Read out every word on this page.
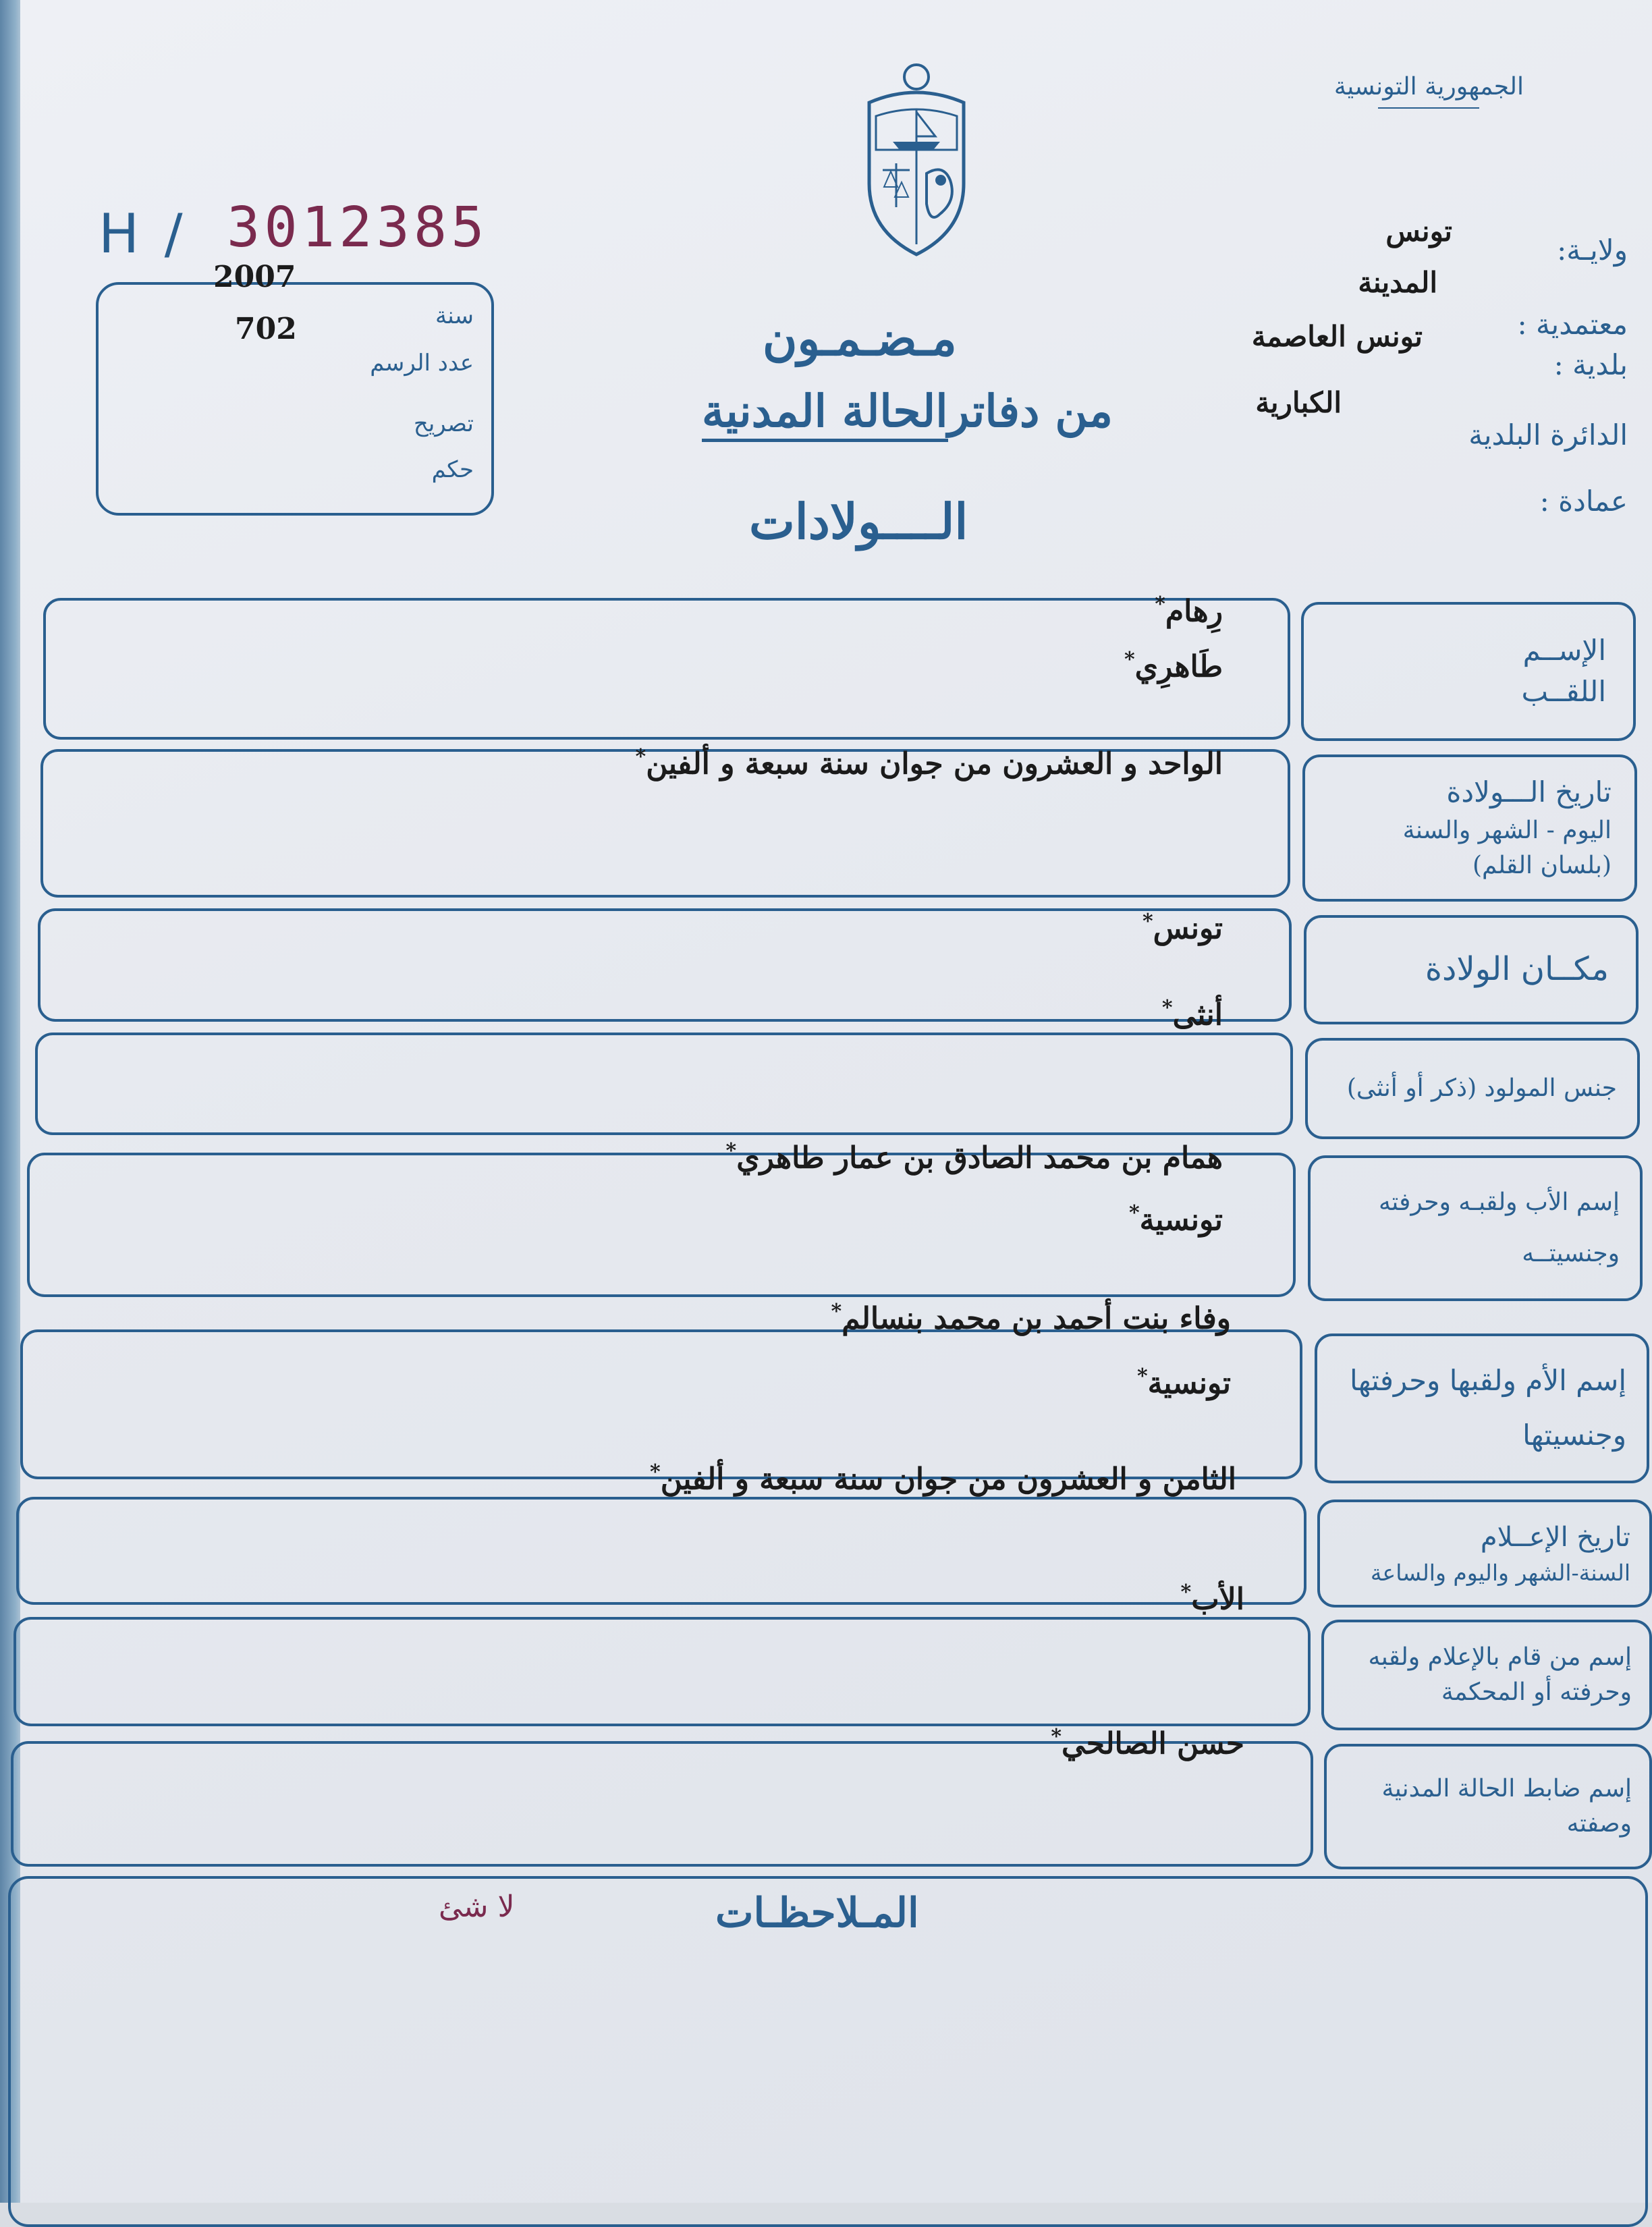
الجمهورية التونسية
H / 3012385
2007
702	سنة
عدد الرسم
تصريح
حكم
ولايـة:
تونس
المدينة
معتمدية :
تونس العاصمة
بلدية :
الكبارية
الدائرة البلدية
عمادة :
مـضـمـون
من دفاترالحالة المدنية
الــــولادات
الإســم
اللقــب
رِهام*
طَاهرِي*
تاريخ الـــولادة
اليوم - الشهر والسنة
(بلسان القلم)
الواحد و العشرون من جوان سنة سبعة و ألفين*
مكــان الولادة
تونس*
جنس المولود (ذكر أو أنثى)
أنثى*
إسم الأب ولقبـه وحرفته
وجنسيتــه
همام بن محمد الصادق بن عمار طاهري*
تونسية*
إسم الأم ولقبها وحرفتها
وجنسيتها
وفاء بنت أحمد بن محمد بنسالم*
تونسية*
تاريخ الإعــلام
السنة-الشهر واليوم والساعة
الثامن و العشرون من جوان سنة سبعة و ألفين*
إسم من قام بالإعلام ولقبه
وحرفته أو المحكمة
الأب*
إسم ضابط الحالة المدنية
وصفته
حسن الصالحي*
المـلاحظـات
لا شئ
